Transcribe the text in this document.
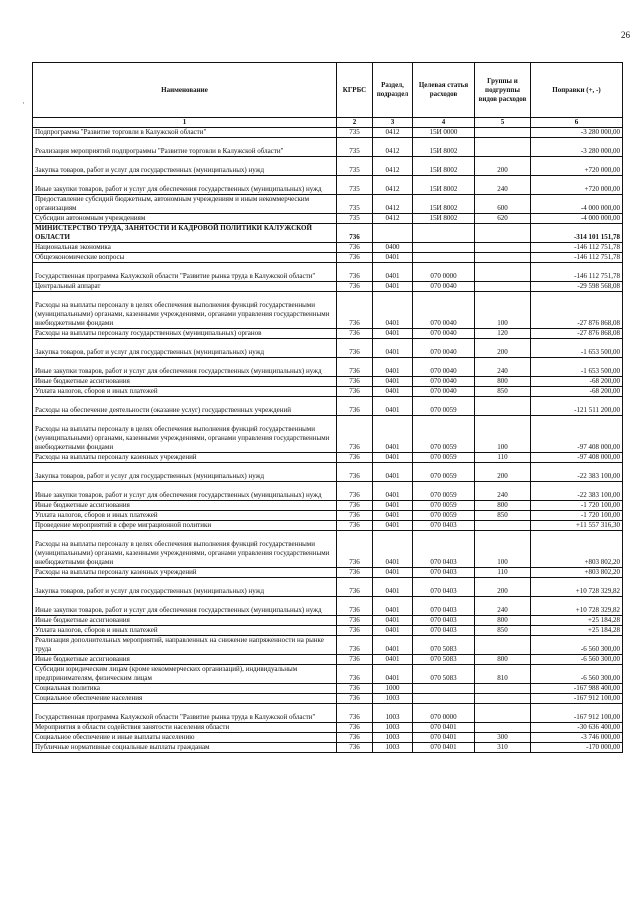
26
·
Наименование	КГРБС	Раздел, подраздел	Целевая статья расходов	Группы и подгруппы видов расходов	Поправки (+, -)
1	2	3	4	5	6
Подпрограмма "Развитие торговли в Калужской области"	735	0412	15И 0000		-3 280 000,00
Реализация мероприятий подпрограммы "Развитие торговли в Калужской области"	735	0412	15И 8002		-3 280 000,00
Закупка товаров, работ и услуг для государственных (муниципальных) нужд	735	0412	15И 8002	200	+720 000,00
Иные закупки товаров, работ и услуг для обеспечения государственных (муниципальных) нужд	735	0412	15И 8002	240	+720 000,00
Предоставление субсидий бюджетным, автономным учреждениям и иным некоммерческим организациям	735	0412	15И 8002	600	-4 000 000,00
Субсидии автономным учреждениям	735	0412	15И 8002	620	-4 000 000,00
МИНИСТЕРСТВО ТРУДА, ЗАНЯТОСТИ И КАДРОВОЙ ПОЛИТИКИ КАЛУЖСКОЙ ОБЛАСТИ	736				-314 101 151,78
Национальная экономика	736	0400			-146 112 751,78
Общеэкономические вопросы	736	0401			-146 112 751,78
Государственная программа Калужской области "Развитие рынка труда в Калужской области"	736	0401	070 0000		-146 112 751,78
Центральный аппарат	736	0401	070 0040		-29 598 568,08
Расходы на выплаты персоналу в целях обеспечения выполнения функций государственными (муниципальными) органами, казенными учреждениями, органами управления государственными внебюджетными фондами	736	0401	070 0040	100	-27 876 868,08
Расходы на выплаты персоналу государственных (муниципальных) органов	736	0401	070 0040	120	-27 876 868,08
Закупка товаров, работ и услуг для государственных (муниципальных) нужд	736	0401	070 0040	200	-1 653 500,00
Иные закупки товаров, работ и услуг для обеспечения государственных (муниципальных) нужд	736	0401	070 0040	240	-1 653 500,00
Иные бюджетные ассигнования	736	0401	070 0040	800	-68 200,00
Уплата налогов, сборов и иных платежей	736	0401	070 0040	850	-68 200,00
Расходы на обеспечение деятельности (оказание услуг) государственных учреждений	736	0401	070 0059		-121 511 200,00
Расходы на выплаты персоналу в целях обеспечения выполнения функций государственными (муниципальными) органами, казенными учреждениями, органами управления государственными внебюджетными фондами	736	0401	070 0059	100	-97 408 000,00
Расходы на выплаты персоналу казенных учреждений	736	0401	070 0059	110	-97 408 000,00
Закупка товаров, работ и услуг для государственных (муниципальных) нужд	736	0401	070 0059	200	-22 383 100,00
Иные закупки товаров, работ и услуг для обеспечения государственных (муниципальных) нужд	736	0401	070 0059	240	-22 383 100,00
Иные бюджетные ассигнования	736	0401	070 0059	800	-1 720 100,00
Уплата налогов, сборов и иных платежей	736	0401	070 0059	850	-1 720 100,00
Проведение мероприятий в сфере миграционной политики	736	0401	070 0403		+11 557 316,30
Расходы на выплаты персоналу в целях обеспечения выполнения функций государственными (муниципальными) органами, казенными учреждениями, органами управления государственными внебюджетными фондами	736	0401	070 0403	100	+803 802,20
Расходы на выплаты персоналу казенных учреждений	736	0401	070 0403	110	+803 802,20
Закупка товаров, работ и услуг для государственных (муниципальных) нужд	736	0401	070 0403	200	+10 728 329,82
Иные закупки товаров, работ и услуг для обеспечения государственных (муниципальных) нужд	736	0401	070 0403	240	+10 728 329,82
Иные бюджетные ассигнования	736	0401	070 0403	800	+25 184,28
Уплата налогов, сборов и иных платежей	736	0401	070 0403	850	+25 184,28
Реализация дополнительных мероприятий, направленных на снижение напряженности на рынке труда	736	0401	070 5083		-6 560 300,00
Иные бюджетные ассигнования	736	0401	070 5083	800	-6 560 300,00
Субсидии юридическим лицам (кроме некоммерческих организаций), индивидуальным предпринимателям, физическим лицам	736	0401	070 5083	810	-6 560 300,00
Социальная политика	736	1000			-167 988 400,00
Социальное обеспечение населения	736	1003			-167 912 100,00
Государственная программа Калужской области "Развитие рынка труда в Калужской области"	736	1003	070 0000		-167 912 100,00
Мероприятия в области содействия занятости населения области	736	1003	070 0401		-30 636 400,00
Социальное обеспечение и иные выплаты населению	736	1003	070 0401	300	-3 746 000,00
Публичные нормативные социальные выплаты гражданам	736	1003	070 0401	310	-170 000,00
